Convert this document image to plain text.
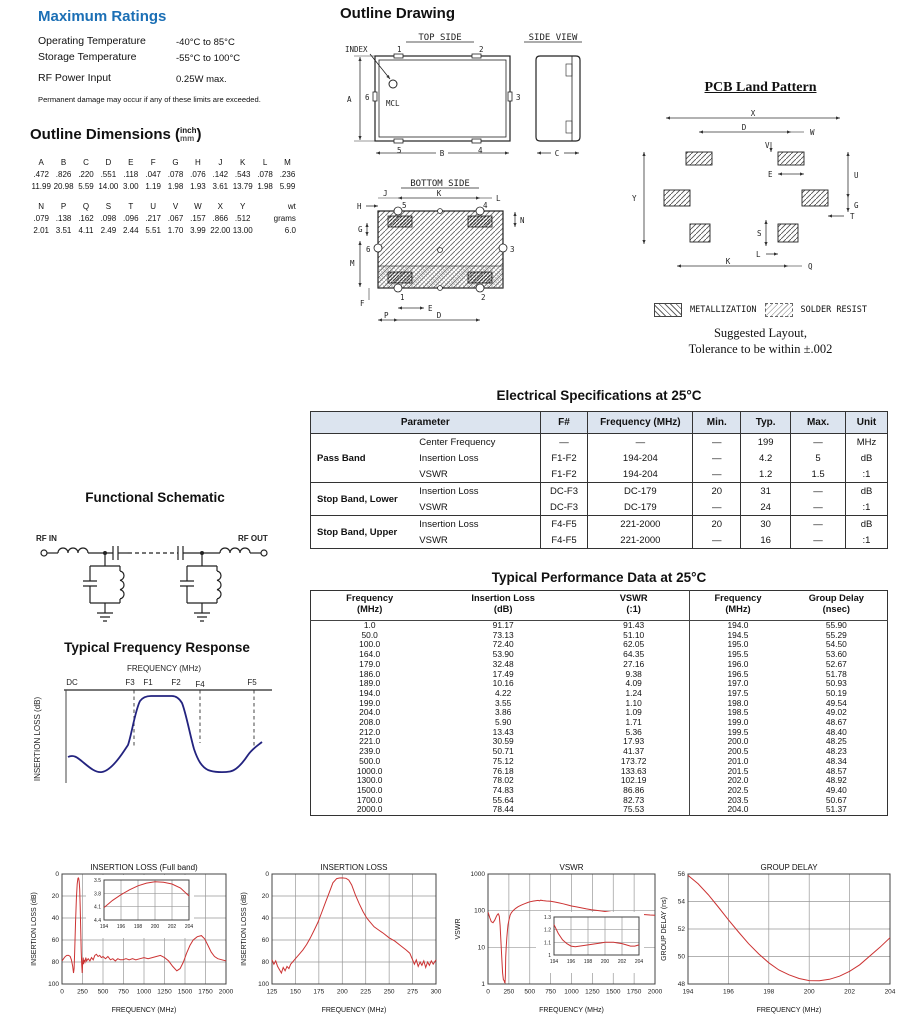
Maximum Ratings
Operating Temperature	-40°C to 85°C
Storage Temperature	-55°C to 100°C
RF Power Input	0.25W max.
Permanent damage may occur if any of these limits are exceeded.
Outline Dimensions ( inch
mm )
A	B	C	D	E	F	G	H	J	K	L	M
.472 .826 .220 .551 .118 .047 .078 .076 .142 .543 .078 .236
11.99 20.98 5.59 14.00 3.00 1.19 1.98 1.93 3.61 13.79 1.98 5.99
N	P	Q	S	T	U	V	W	X	Y	wt
.079 .138 .162 .098 .096 .217 .067 .157 .866 .512	grams
2.01 3.51 4.11 2.49 2.44 5.51 1.70 3.99 22.00 13.00	6.0
Outline Drawing
TOP SIDE	SIDE VIEW
MCL
INDEX	1	2
3
4
5
6
A
B	C
BOTTOM SIDE
5	4
3
6
1	2
K
J
H
L
N
G
M
F
E
P	D
PCB Land Pattern
X
D
W
V
E	U
G
T
S
L
K
Q
Y
METALLIZATION	SOLDER RESIST
Suggested Layout,
Tolerance to be within ±.002
Electrical Specifications at 25°C
Parameter		F#	Frequency (MHz)	Min.	Typ.	Max.	Unit
Pass Band	Center Frequency	—	—	—	199	—	MHz
	Insertion Loss	F1-F2	194-204	—	4.2	5	dB
	VSWR	F1-F2	194-204	—	1.2	1.5	:1
Stop Band, Lower	Insertion Loss	DC-F3	DC-179	20	31	—	dB
	VSWR	DC-F3	DC-179	—	24	—	:1
Stop Band, Upper	Insertion Loss	F4-F5	221-2000	20	30	—	dB
	VSWR	F4-F5	221-2000	—	16	—	:1
Functional Schematic
RF IN	RF OUT
Typical Frequency Response
FREQUENCY (MHz)
DC	F3 F1 F2 F4	F5
INSERTION LOSS (dB)
Typical Performance Data at 25°C
Frequency
(MHz)	Insertion Loss
(dB)	VSWR
(:1)	Frequency
(MHz)	Group Delay
(nsec)
1.0	91.17	91.43	194.0	55.90
50.0	73.13	51.10	194.5	55.29
100.0	72.40	62.05	195.0	54.50
164.0	53.90	64.35	195.5	53.60
179.0	32.48	27.16	196.0	52.67
186.0	17.49	9.38	196.5	51.78
189.0	10.16	4.09	197.0	50.93
194.0	4.22	1.24	197.5	50.19
199.0	3.55	1.10	198.0	49.54
204.0	3.86	1.09	198.5	49.02
208.0	5.90	1.71	199.0	48.67
212.0	13.43	5.36	199.5	48.40
221.0	30.59	17.93	200.0	48.25
239.0	50.71	41.37	200.5	48.23
500.0	75.12	173.72	201.0	48.34
1000.0	76.18	133.63	201.5	48.57
1300.0	78.02	102.19	202.0	48.92
1500.0	74.83	86.86	202.5	49.40
1700.0	55.64	82.73	203.5	50.67
2000.0	78.44	75.53	204.0	51.37
0 250 500 750 1000 1250 1500 1750 2000
0
20
40
60
80
100
INSERTION LOSS (Full band)
FREQUENCY (MHz)
INSERTION LOSS (dB)	194 196 198 200 202 204
3.5
3.8
4.1
4.4
125 150 175 200 225 250 275 300
0
20
40
60
80
100
INSERTION LOSS
FREQUENCY (MHz)
INSERTION LOSS (dB)
0 250 500 750 1000 1250 1500 1750 2000
1
10
100
1000
VSWR
FREQUENCY (MHz)
VSWR
194 196 198 200 202 204
1
1.1
1.2
1.3
194	196	198	200	202	204
48
50
52
54
56
GROUP DELAY
FREQUENCY (MHz)
GROUP DELAY (ns)
